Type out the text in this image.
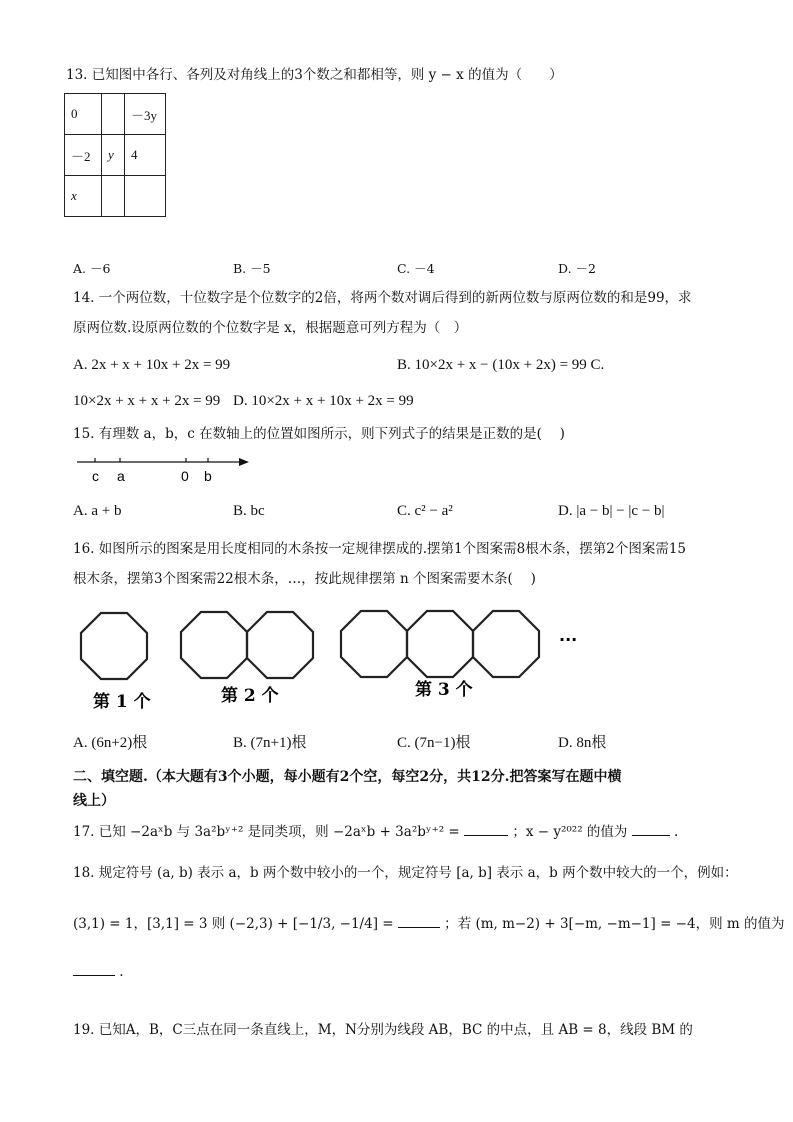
13. 已知图中各行、各列及对角线上的3个数之和都相等，则 y − x 的值为（　　）
0		－3y
－2	y	4
x		
A. －6	B. －5	C. －4	D. －2
14. 一个两位数，十位数字是个位数字的2倍，将两个数对调后得到的新两位数与原两位数的和是99，求
原两位数.设原两位数的个位数字是 x，根据题意可列方程为（　）
A. 2x + x + 10x + 2x = 99	B. 10×2x + x − (10x + 2x) = 99 C.
10×2x + x + x + 2x = 99 D. 10×2x + x + 10x + 2x = 99
15. 有理数 a，b，c 在数轴上的位置如图所示，则下列式子的结果是正数的是(　 )
c a	0 b
A. a + b	B. bc	C. c² − a²	D. |a − b| − |c − b|
16. 如图所示的图案是用长度相同的木条按一定规律摆成的.摆第1个图案需8根木条，摆第2个图案需15
根木条，摆第3个图案需22根木条，…，按此规律摆第 n 个图案需要木条(　 )
···
第 1 个	第 2 个	第 3 个
A. (6n+2)根	B. (7n+1)根	C. (7n−1)根	D. 8n根
二、填空题.（本大题有3个小题，每小题有2个空，每空2分，共12分.把答案写在题中横
线上）
17. 已知 −2aˣb 与 3a²bʸ⁺² 是同类项，则 −2aˣb + 3a²bʸ⁺² =	；x − y²⁰²² 的值为	.
18. 规定符号 (a, b) 表示 a，b 两个数中较小的一个，规定符号 [a, b] 表示 a，b 两个数中较大的一个，例如：
(3,1) = 1，[3,1] = 3 则 (−2,3) + [−1/3, −1/4] =	；若 (m, m−2) + 3[−m, −m−1] = −4，则 m 的值为
.
19. 已知A，B，C三点在同一条直线上，M，N分别为线段 AB，BC 的中点，且 AB = 8，线段 BM 的
